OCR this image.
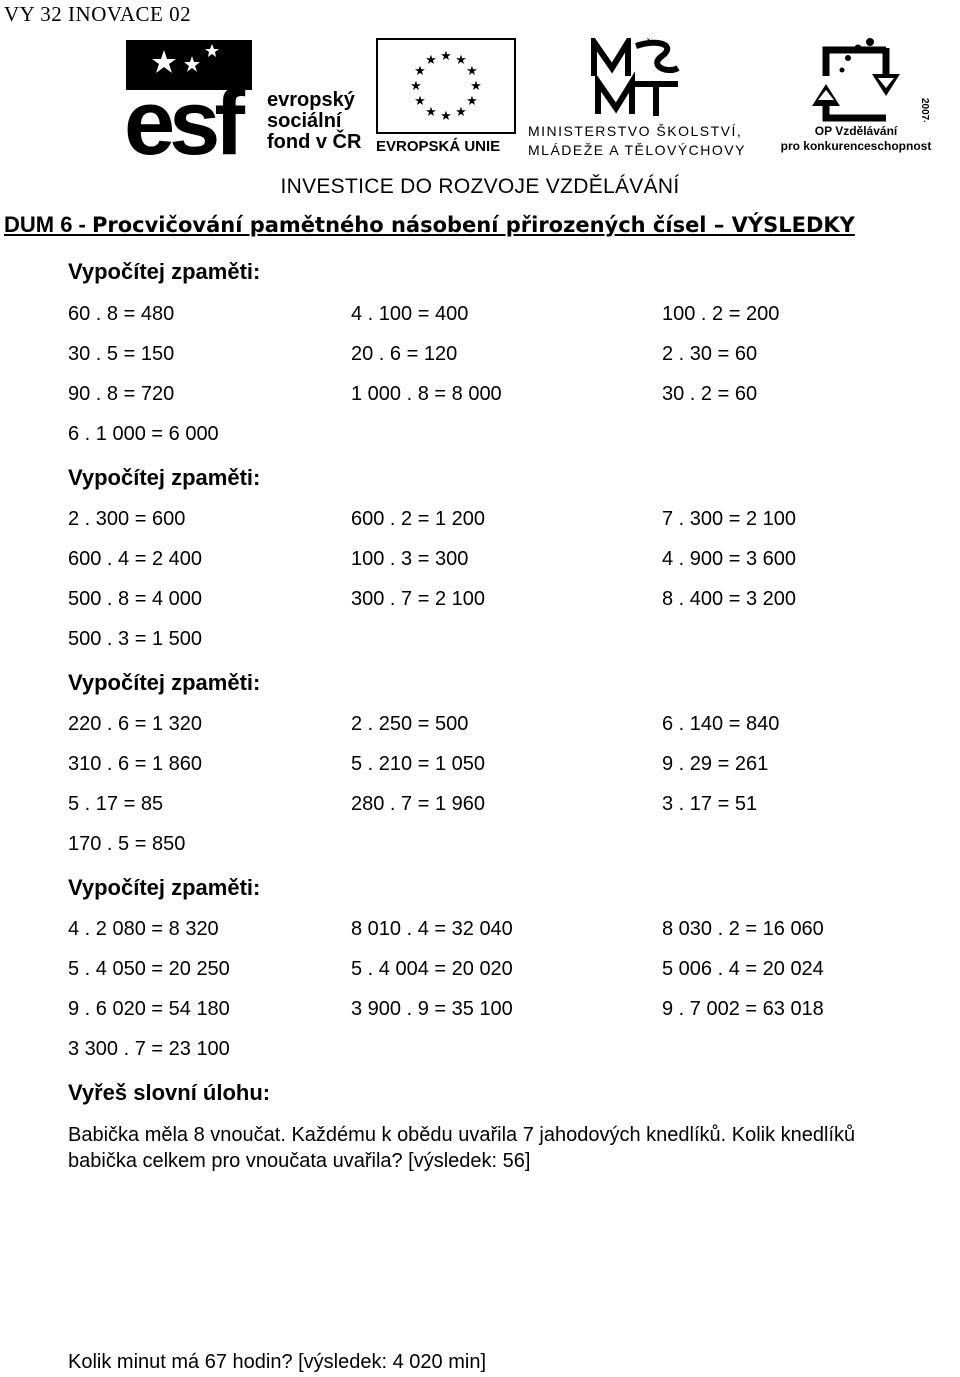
VY 32 INOVACE 02
esf	evropský
sociální
fond v ČR
★ ★
★
★
★
★
★
★
★
★
★
★
EVROPSKÁ UNIE
ˇ
MINISTERSTVO ŠKOLSTVÍ,
MLÁDEŽE A TĚLOVÝCHOVY
2007-13
OP Vzdělávání
pro konkurenceschopnost
INVESTICE DO ROZVOJE VZDĚLÁVÁNÍ
DUM 6 - Procvičování pamětného násobení přirozených čísel – VÝSLEDKY
Vypočítej zpaměti:
60 . 8 = 480	4 . 100 = 400	100 . 2 = 200
30 . 5 = 150	20 . 6 = 120	2 . 30 = 60
90 . 8 = 720	1 000 . 8 = 8 000	30 . 2 = 60
6 . 1 000 = 6 000
Vypočítej zpaměti:
2 . 300 = 600	600 . 2 = 1 200	7 . 300 = 2 100
600 . 4 = 2 400	100 . 3 = 300	4 . 900 = 3 600
500 . 8 = 4 000	300 . 7 = 2 100	8 . 400 = 3 200
500 . 3 = 1 500
Vypočítej zpaměti:
220 . 6 = 1 320	2 . 250 = 500	6 . 140 = 840
310 . 6 = 1 860	5 . 210 = 1 050	9 . 29 = 261
5 . 17 = 85	280 . 7 = 1 960	3 . 17 = 51
170 . 5 = 850
Vypočítej zpaměti:
4 . 2 080 = 8 320	8 010 . 4 = 32 040	8 030 . 2 = 16 060
5 . 4 050 = 20 250	5 . 4 004 = 20 020	5 006 . 4 = 20 024
9 . 6 020 = 54 180	3 900 . 9 = 35 100	9 . 7 002 = 63 018
3 300 . 7 = 23 100
Vyřeš slovní úlohu:
Babička měla 8 vnoučat. Každému k obědu uvařila 7 jahodových knedlíků. Kolik knedlíků
babička celkem pro vnoučata uvařila? [výsledek: 56]
Kolik minut má 67 hodin? [výsledek: 4 020 min]
